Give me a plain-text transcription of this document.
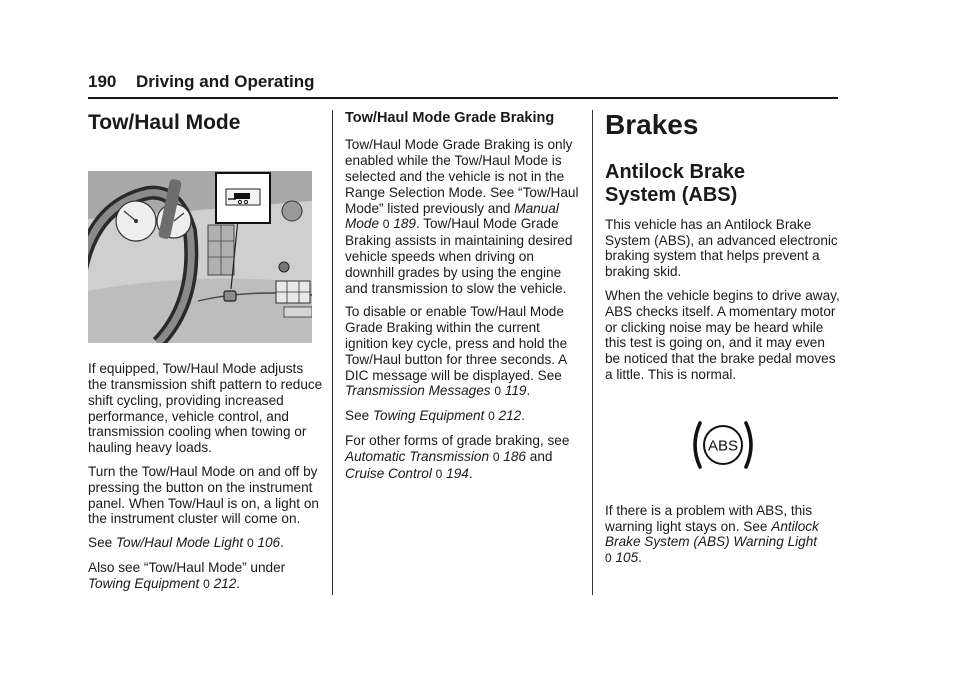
190 Driving and Operating
Tow/Haul Mode

If equipped, Tow/Haul Mode adjusts the transmission shift pattern to reduce shift cycling, providing increased performance, vehicle control, and transmission cooling when towing or hauling heavy loads.

Turn the Tow/Haul Mode on and off by pressing the button on the instrument panel. When Tow/Haul is on, a light on the instrument cluster will come on.

See Tow/Haul Mode Light 0 106.

Also see “Tow/Haul Mode” under Towing Equipment 0 212.

Tow/Haul Mode Grade Braking

Tow/Haul Mode Grade Braking is only enabled while the Tow/Haul Mode is selected and the vehicle is not in the Range Selection Mode. See “Tow/Haul Mode” listed previously and Manual Mode 0 189. Tow/Haul Mode Grade Braking assists in maintaining desired vehicle speeds when driving on downhill grades by using the engine and transmission to slow the vehicle.

To disable or enable Tow/Haul Mode Grade Braking within the current ignition key cycle, press and hold the Tow/Haul button for three seconds. A DIC message will be displayed. See Transmission Messages 0 119.

See Towing Equipment 0 212.

For other forms of grade braking, see Automatic Transmission 0 186 and Cruise Control 0 194.

Brakes
Antilock Brake
System (ABS)

This vehicle has an Antilock Brake System (ABS), an advanced electronic braking system that helps prevent a braking skid.

When the vehicle begins to drive away, ABS checks itself. A momentary motor or clicking noise may be heard while this test is going on, and it may even be noticed that the brake pedal moves a little. This is normal.

ABS

If there is a problem with ABS, this warning light stays on. See Antilock Brake System (ABS) Warning Light
0 105.
